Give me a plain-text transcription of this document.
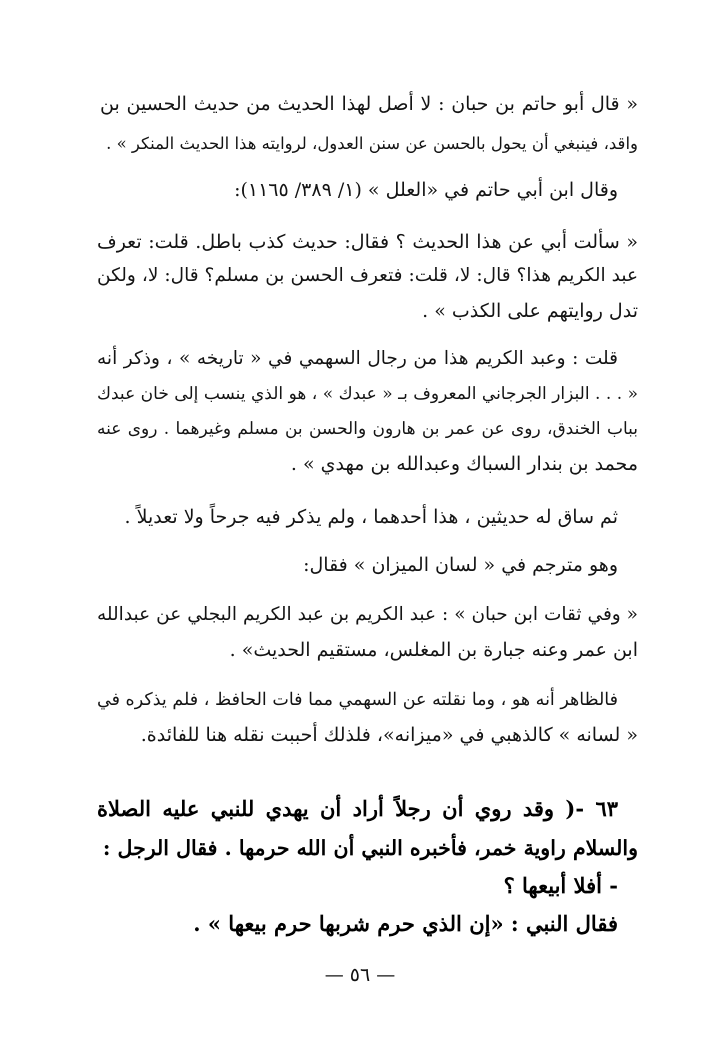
« قال أبو حاتم بن حبان : لا أصل لهذا الحديث من حديث الحسين بن
واقد، فينبغي أن يحول بالحسن عن سنن العدول، لروايته هذا الحديث المنكر » .
وقال ابن أبي حاتم في «العلل » (١/ ٣٨٩/ ١١٦٥):
« سألت أبي عن هذا الحديث ؟ فقال: حديث كذب باطل. قلت: تعرف
عبد الكريم هذا؟ قال: لا، قلت: فتعرف الحسن بن مسلم؟ قال: لا، ولكن
تدل روايتهم على الكذب » .
قلت : وعبد الكريم هذا من رجال السهمي في « تاريخه » ، وذكر أنه
« . . . البزار الجرجاني المعروف بـ « عبدك » ، هو الذي ينسب إلى خان عبدك
بباب الخندق، روى عن عمر بن هارون والحسن بن مسلم وغيرهما . روى عنه
محمد بن بندار السباك وعبدالله بن مهدي » .
ثم ساق له حديثين ، هذا أحدهما ، ولم يذكر فيه جرحاً ولا تعديلاً .
وهو مترجم في « لسان الميزان » فقال:
« وفي ثقات ابن حبان » : عبد الكريم بن عبد الكريم البجلي عن عبدالله
ابن عمر وعنه جبارة بن المغلس، مستقيم الحديث» .
فالظاهر أنه هو ، وما نقلته عن السهمي مما فات الحافظ ، فلم يذكره في
« لسانه » كالذهبي في «ميزانه»، فلذلك أحببت نقله هنا للفائدة.
٦٣ -( وقد روي أن رجلاً أراد أن يهدي للنبي عليه الصلاة
والسلام راوية خمر، فأخبره النبي أن الله حرمها . فقال الرجل :
- أفلا أبيعها ؟
فقال النبي : «إن الذي حرم شربها حرم بيعها » .
— ٥٦ —
